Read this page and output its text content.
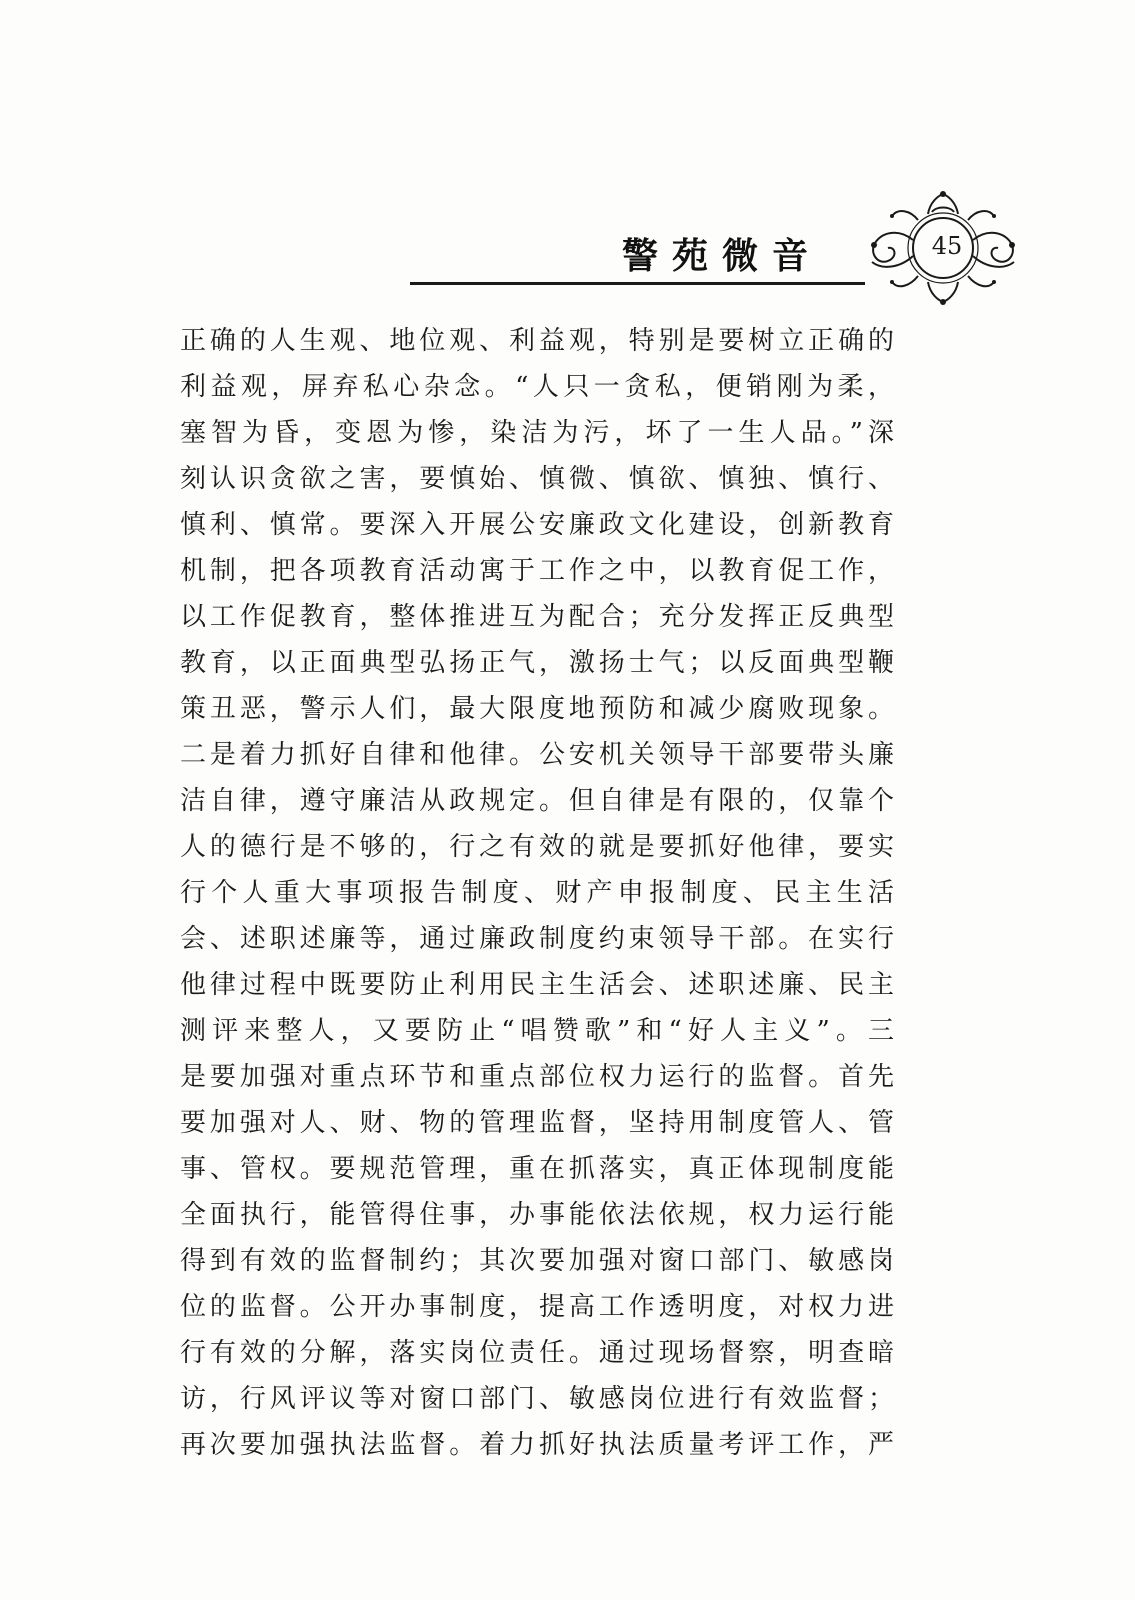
警苑微音	45
正确的人生观、地位观、利益观，特别是要树立正确的
利益观，屏弃私心杂念。“人只一贪私，便销刚为柔，
塞智为昏，变恩为惨，染洁为污，坏了一生人品。”深
刻认识贪欲之害，要慎始、慎微、慎欲、慎独、慎行、
慎利、慎常。要深入开展公安廉政文化建设，创新教育
机制，把各项教育活动寓于工作之中，以教育促工作，
以工作促教育，整体推进互为配合；充分发挥正反典型
教育，以正面典型弘扬正气，激扬士气；以反面典型鞭
策丑恶，警示人们，最大限度地预防和减少腐败现象。
二是着力抓好自律和他律。公安机关领导干部要带头廉
洁自律，遵守廉洁从政规定。但自律是有限的，仅靠个
人的德行是不够的，行之有效的就是要抓好他律，要实
行个人重大事项报告制度、财产申报制度、民主生活
会、述职述廉等，通过廉政制度约束领导干部。在实行
他律过程中既要防止利用民主生活会、述职述廉、民主
测评来整人，又要防止“唱赞歌”和“好人主义”。三
是要加强对重点环节和重点部位权力运行的监督。首先
要加强对人、财、物的管理监督，坚持用制度管人、管
事、管权。要规范管理，重在抓落实，真正体现制度能
全面执行，能管得住事，办事能依法依规，权力运行能
得到有效的监督制约；其次要加强对窗口部门、敏感岗
位的监督。公开办事制度，提高工作透明度，对权力进
行有效的分解，落实岗位责任。通过现场督察，明查暗
访，行风评议等对窗口部门、敏感岗位进行有效监督；
再次要加强执法监督。着力抓好执法质量考评工作，严
